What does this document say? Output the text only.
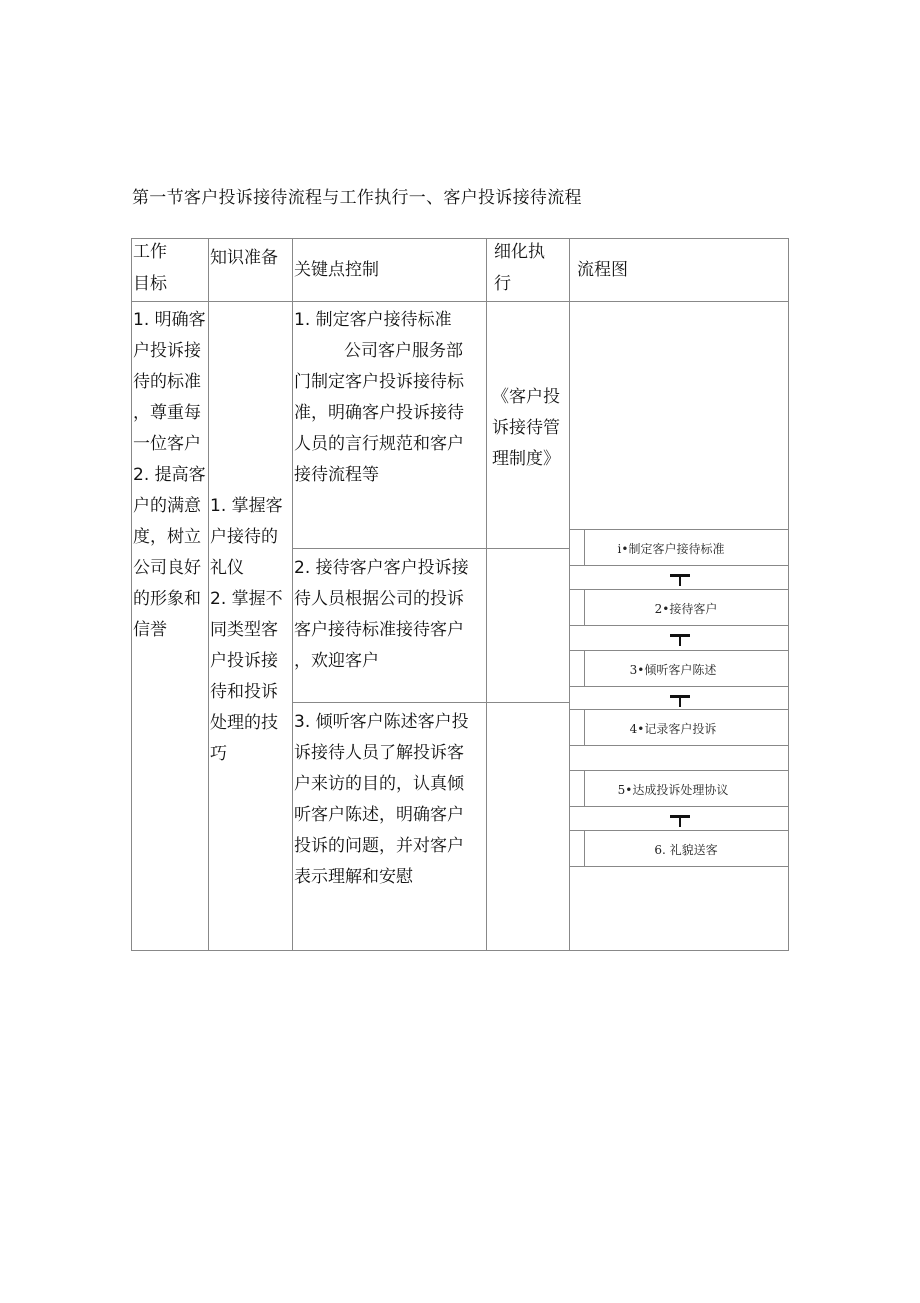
第一节客户投诉接待流程与工作执行一、客户投诉接待流程
工作
目标
知识准备
关键点控制
细化执
行
流程图
1. 明确客
户投诉接
待的标准
，尊重每
一位客户
2. 提高客
户的满意
度，树立
公司良好
的形象和
信誉
1. 掌握客
户接待的
礼仪
2. 掌握不
同类型客
户投诉接
待和投诉
处理的技
巧
1. 制定客户接待标准
公司客户服务部
门制定客户投诉接待标
准，明确客户投诉接待
人员的言行规范和客户
接待流程等
2. 接待客户客户投诉接
待人员根据公司的投诉
客户接待标准接待客户
，欢迎客户
3. 倾听客户陈述客户投
诉接待人员了解投诉客
户来访的目的，认真倾
听客户陈述，明确客户
投诉的问题，并对客户
表示理解和安慰
《客户投
诉接待管
理制度》
i•制定客户接待标准
2•接待客户
3•倾听客户陈述
4•记录客户投诉
5•达成投诉处理协议
6. 礼貌送客
